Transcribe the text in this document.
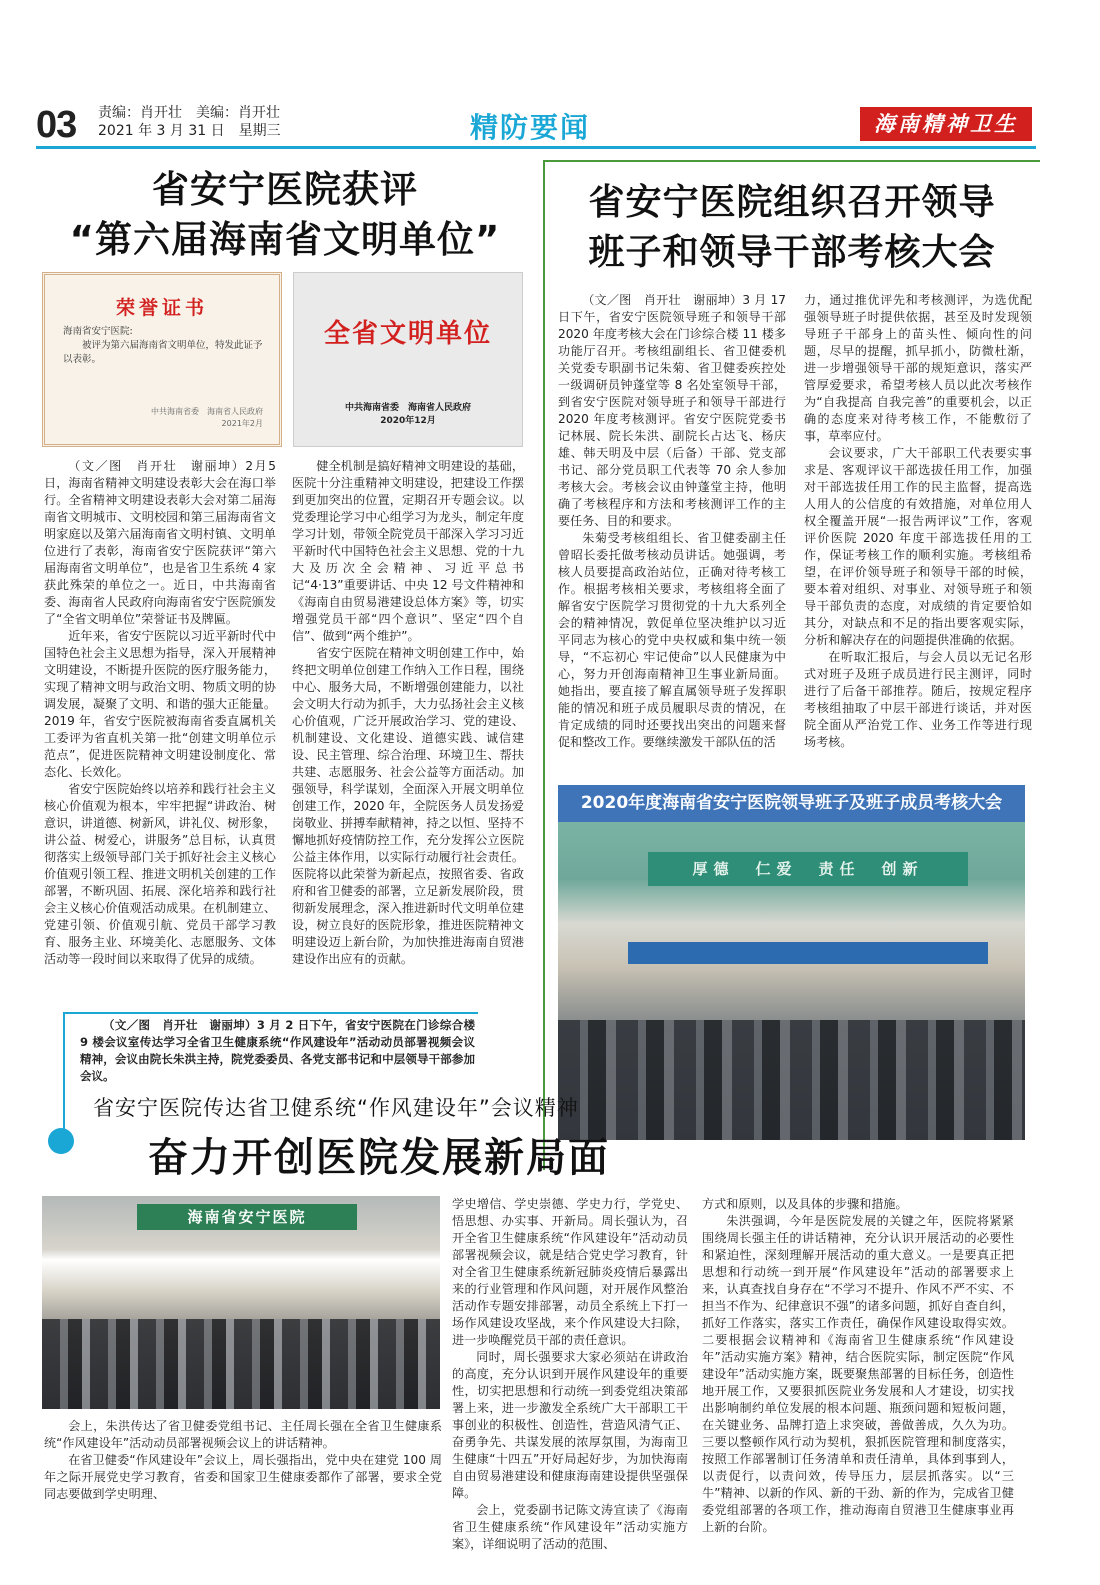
03 责编：肖开壮 美编：肖开壮
2021 年 3 月 31 日 星期三	精防要闻	海南精神卫生
省安宁医院获评
“第六届海南省文明单位”
荣誉证书
海南省安宁医院:
被评为第六届海南省文明单位，特发此证予以表彰。
中共海南省委　海南省人民政府
2021年2月
全省文明单位
中共海南省委　海南省人民政府
2020年12月

（文／图　肖开壮　谢丽坤）2月5日，海南省精神文明建设表彰大会在海口举行。全省精神文明建设表彰大会对第二届海南省文明城市、文明校园和第三届海南省文明家庭以及第六届海南省文明村镇、文明单位进行了表彰，海南省安宁医院获评“第六届海南省文明单位”，也是省卫生系统 4 家获此殊荣的单位之一。近日，中共海南省委、海南省人民政府向海南省安宁医院颁发了“全省文明单位”荣誉证书及牌匾。

近年来，省安宁医院以习近平新时代中国特色社会主义思想为指导，深入开展精神文明建设，不断提升医院的医疗服务能力，实现了精神文明与政治文明、物质文明的协调发展，凝聚了文明、和谐的强大正能量。2019 年，省安宁医院被海南省委直属机关工委评为省直机关第一批“创建文明单位示范点”，促进医院精神文明建设制度化、常态化、长效化。

省安宁医院始终以培养和践行社会主义核心价值观为根本，牢牢把握“讲政治、树意识，讲道德、树新风，讲礼仪、树形象，讲公益、树爱心，讲服务”总目标，认真贯彻落实上级领导部门关于抓好社会主义核心价值观引领工程、推进文明机关创建的工作部署，不断巩固、拓展、深化培养和践行社会主义核心价值观活动成果。在机制建立、党建引领、价值观引航、党员干部学习教育、服务主业、环境美化、志愿服务、文体活动等一段时间以来取得了优异的成绩。

健全机制是搞好精神文明建设的基础，医院十分注重精神文明建设，把建设工作摆到更加突出的位置，定期召开专题会议。以党委理论学习中心组学习为龙头，制定年度学习计划，带领全院党员干部深入学习习近平新时代中国特色社会主义思想、党的十九大及历次全会精神、习近平总书记“4·13”重要讲话、中央 12 号文件精神和《海南自由贸易港建设总体方案》等，切实增强党员干部“四个意识”、坚定“四个自信”、做到“两个维护”。

省安宁医院在精神文明创建工作中，始终把文明单位创建工作纳入工作日程，围绕中心、服务大局，不断增强创建能力，以社会文明大行动为抓手，大力弘扬社会主义核心价值观，广泛开展政治学习、党的建设、机制建设、文化建设、道德实践、诚信建设、民主管理、综合治理、环境卫生、帮扶共建、志愿服务、社会公益等方面活动。加强领导，科学谋划，全面深入开展文明单位创建工作，2020 年，全院医务人员发扬爱岗敬业、拼搏奉献精神，持之以恒、坚持不懈地抓好疫情防控工作，充分发挥公立医院公益主体作用，以实际行动履行社会责任。医院将以此荣誉为新起点，按照省委、省政府和省卫健委的部署，立足新发展阶段，贯彻新发展理念，深入推进新时代文明单位建设，树立良好的医院形象，推进医院精神文明建设迈上新台阶，为加快推进海南自贸港建设作出应有的贡献。

省安宁医院组织召开领导
班子和领导干部考核大会

（文／图　肖开壮　谢丽坤）3 月 17 日下午，省安宁医院领导班子和领导干部2020 年度考核大会在门诊综合楼 11 楼多功能厅召开。考核组副组长、省卫健委机关党委专职副书记朱菊、省卫健委疾控处一级调研员钟蓬堂等 8 名处室领导干部，到省安宁医院对领导班子和领导干部进行 2020 年度考核测评。省安宁医院党委书记林展、院长朱洪、副院长占达飞、杨庆雄、韩天明及中层（后备）干部、党支部书记、部分党员职工代表等 70 余人参加考核大会。考核会议由钟蓬堂主持，他明确了考核程序和方法和考核测评工作的主要任务、目的和要求。

朱菊受考核组组长、省卫健委副主任曾昭长委托做考核动员讲话。她强调，考核人员要提高政治站位，正确对待考核工作。根据考核相关要求，考核组将全面了解省安宁医院学习贯彻党的十九大系列全会的精神情况，敦促单位坚决维护以习近平同志为核心的党中央权威和集中统一领导，“不忘初心 牢记使命”以人民健康为中心，努力开创海南精神卫生事业新局面。她指出，要直接了解直属领导班子发挥职能的情况和班子成员履职尽责的情况，在肯定成绩的同时还要找出突出的问题来督促和整改工作。要继续激发干部队伍的活

力，通过推优评先和考核测评，为选优配强领导班子时提供依据，甚至及时发现领导班子干部身上的苗头性、倾向性的问题，尽早的提醒，抓早抓小，防微杜渐，进一步增强领导干部的规矩意识，落实严管厚爱要求，希望考核人员以此次考核作为“自我提高 自我完善”的重要机会，以正确的态度来对待考核工作，不能敷衍了事，草率应付。

会议要求，广大干部职工代表要实事求是、客观评议干部选拔任用工作，加强对干部选拔任用工作的民主监督，提高选人用人的公信度的有效措施，对单位用人权全覆盖开展“一报告两评议”工作，客观评价医院 2020 年度干部选拔任用的工作，保证考核工作的顺利实施。考核组希望，在评价领导班子和领导干部的时候，要本着对组织、对事业、对领导班子和领导干部负责的态度，对成绩的肯定要恰如其分，对缺点和不足的指出要客观实际，分析和解决存在的问题提供准确的依据。

在听取汇报后，与会人员以无记名形式对班子及班子成员进行民主测评，同时进行了后备干部推荐。随后，按规定程序考核组抽取了中层干部进行谈话，并对医院全面从严治党工作、业务工作等进行现场考核。

2020年度海南省安宁医院领导班子及班子成员考核大会
厚德　仁爱　责任　创新
（文／图　肖开壮　谢丽坤）3 月 2 日下午，省安宁医院在门诊综合楼 9 楼会议室传达学习全省卫生健康系统“作风建设年”活动动员部署视频会议精神，会议由院长朱洪主持，院党委委员、各党支部书记和中层领导干部参加会议。
省安宁医院传达省卫健系统“作风建设年”会议精神
奋力开创医院发展新局面
海南省安宁医院

会上，朱洪传达了省卫健委党组书记、主任周长强在全省卫生健康系统“作风建设年”活动动员部署视频会议上的讲话精神。

在省卫健委“作风建设年”会议上，周长强指出，党中央在建党 100 周年之际开展党史学习教育，省委和国家卫生健康委都作了部署，要求全党同志要做到学史明理、

学史增信、学史崇德、学史力行，学党史、悟思想、办实事、开新局。周长强认为，召开全省卫生健康系统“作风建设年”活动动员部署视频会议，就是结合党史学习教育，针对全省卫生健康系统新冠肺炎疫情后暴露出来的行业管理和作风问题，对开展作风整治活动作专题安排部署，动员全系统上下打一场作风建设攻坚战，来个作风建设大扫除，进一步唤醒党员干部的责任意识。

同时，周长强要求大家必须站在讲政治的高度，充分认识到开展作风建设年的重要性，切实把思想和行动统一到委党组决策部署上来，进一步激发全系统广大干部职工干事创业的积极性、创造性，营造风清气正、奋勇争先、共谋发展的浓厚氛围，为海南卫生健康“十四五”开好局起好步，为加快海南自由贸易港建设和健康海南建设提供坚强保障。

会上，党委副书记陈文涛宣读了《海南省卫生健康系统“作风建设年”活动实施方案》，详细说明了活动的范围、

方式和原则，以及具体的步骤和措施。

朱洪强调，今年是医院发展的关键之年，医院将紧紧围绕周长强主任的讲话精神，充分认识开展活动的必要性和紧迫性，深刻理解开展活动的重大意义。一是要真正把思想和行动统一到开展“作风建设年”活动的部署要求上来，认真查找自身存在“不学习不提升、作风不严不实、不担当不作为、纪律意识不强”的诸多问题，抓好自查自纠，抓好工作落实，落实工作责任，确保作风建设取得实效。二要根据会议精神和《海南省卫生健康系统“作风建设年”活动实施方案》精神，结合医院实际，制定医院“作风建设年”活动实施方案，既要聚焦部署的目标任务，创造性地开展工作，又要狠抓医院业务发展和人才建设，切实找出影响制约单位发展的根本问题、瓶颈问题和短板问题，在关键业务、品牌打造上求突破，善做善成，久久为功。三要以整顿作风行动为契机，狠抓医院管理和制度落实，按照工作部署制订任务清单和责任清单，具体到事到人，以责促行，以责问效，传导压力，层层抓落实。以“三牛”精神、以新的作风、新的干劲、新的作为，完成省卫健委党组部署的各项工作，推动海南自贸港卫生健康事业再上新的台阶。
